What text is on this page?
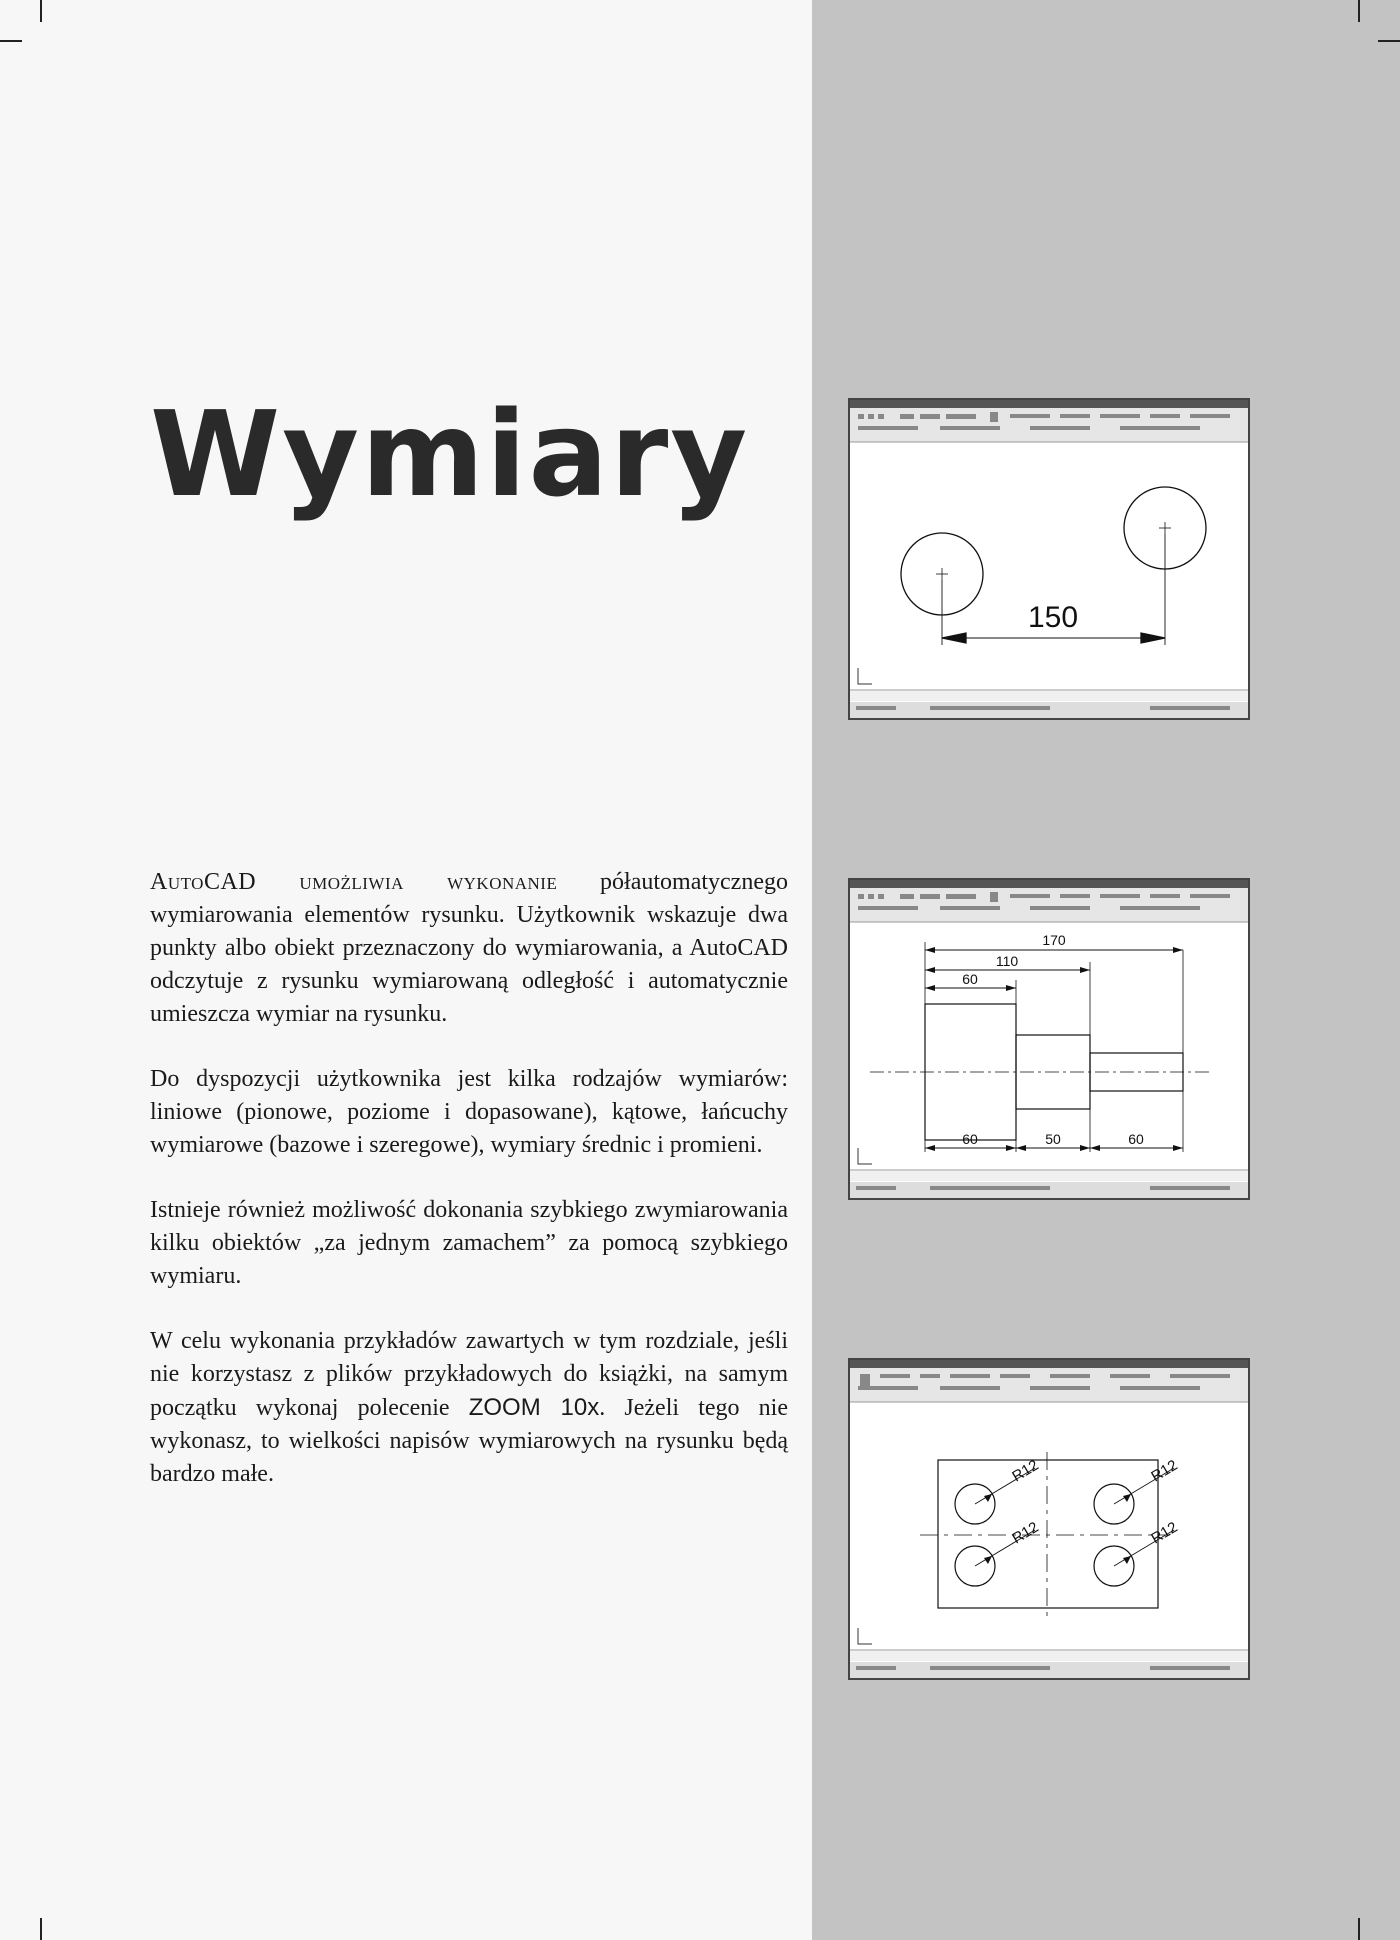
Wymiary

AutoCAD umożliwia wykonanie półautomatycznego wymiarowania elementów rysunku. Użytkownik wskazuje dwa punkty albo obiekt przeznaczony do wymiarowania, a AutoCAD odczytuje z rysunku wymiarowaną odległość i automatycznie umieszcza wymiar na rysunku.

Do dyspozycji użytkownika jest kilka rodzajów wymiarów: liniowe (pionowe, poziome i dopasowane), kątowe, łańcuchy wymiarowe (bazowe i szeregowe), wymiary średnic i promieni.

Istnieje również możliwość dokonania szybkiego zwymiarowania kilku obiektów „za jednym zamachem” za pomocą szybkiego wymiaru.

W celu wykonania przykładów zawartych w tym rozdziale, jeśli nie korzystasz z plików przykładowych do książki, na samym początku wykonaj polecenie ZOOM 10x. Jeżeli tego nie wykonasz, to wielkości napisów wymiarowych na rysunku będą bardzo małe.

150
170
110
60
60	50	60
R12	R12
R12	R12
